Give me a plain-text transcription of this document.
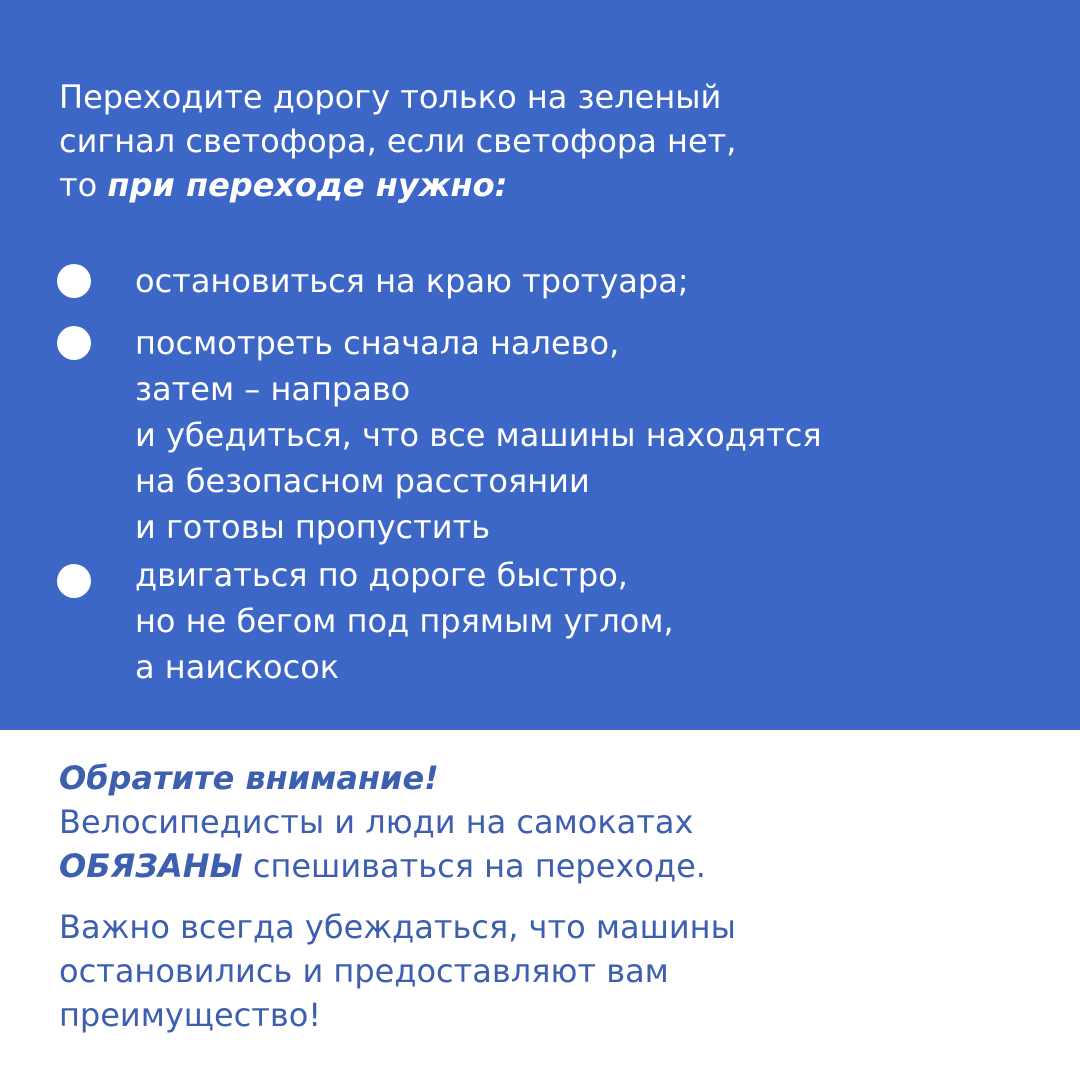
Переходите дорогу только на зеленый
сигнал светофора, если светофора нет,
то при переходе нужно:

остановиться на краю тротуара;
посмотреть сначала налево,
затем – направо
и убедиться, что все машины находятся
на безопасном расстоянии
и готовы пропустить
двигаться по дороге быстро,
но не бегом под прямым углом,
а наискосок
Обратите внимание!

Велосипедисты и люди на самокатах

ОБЯЗАНЫ спешиваться на переходе.

Важно всегда убеждаться, что машины
остановились и предоставляют вам
преимущество!
